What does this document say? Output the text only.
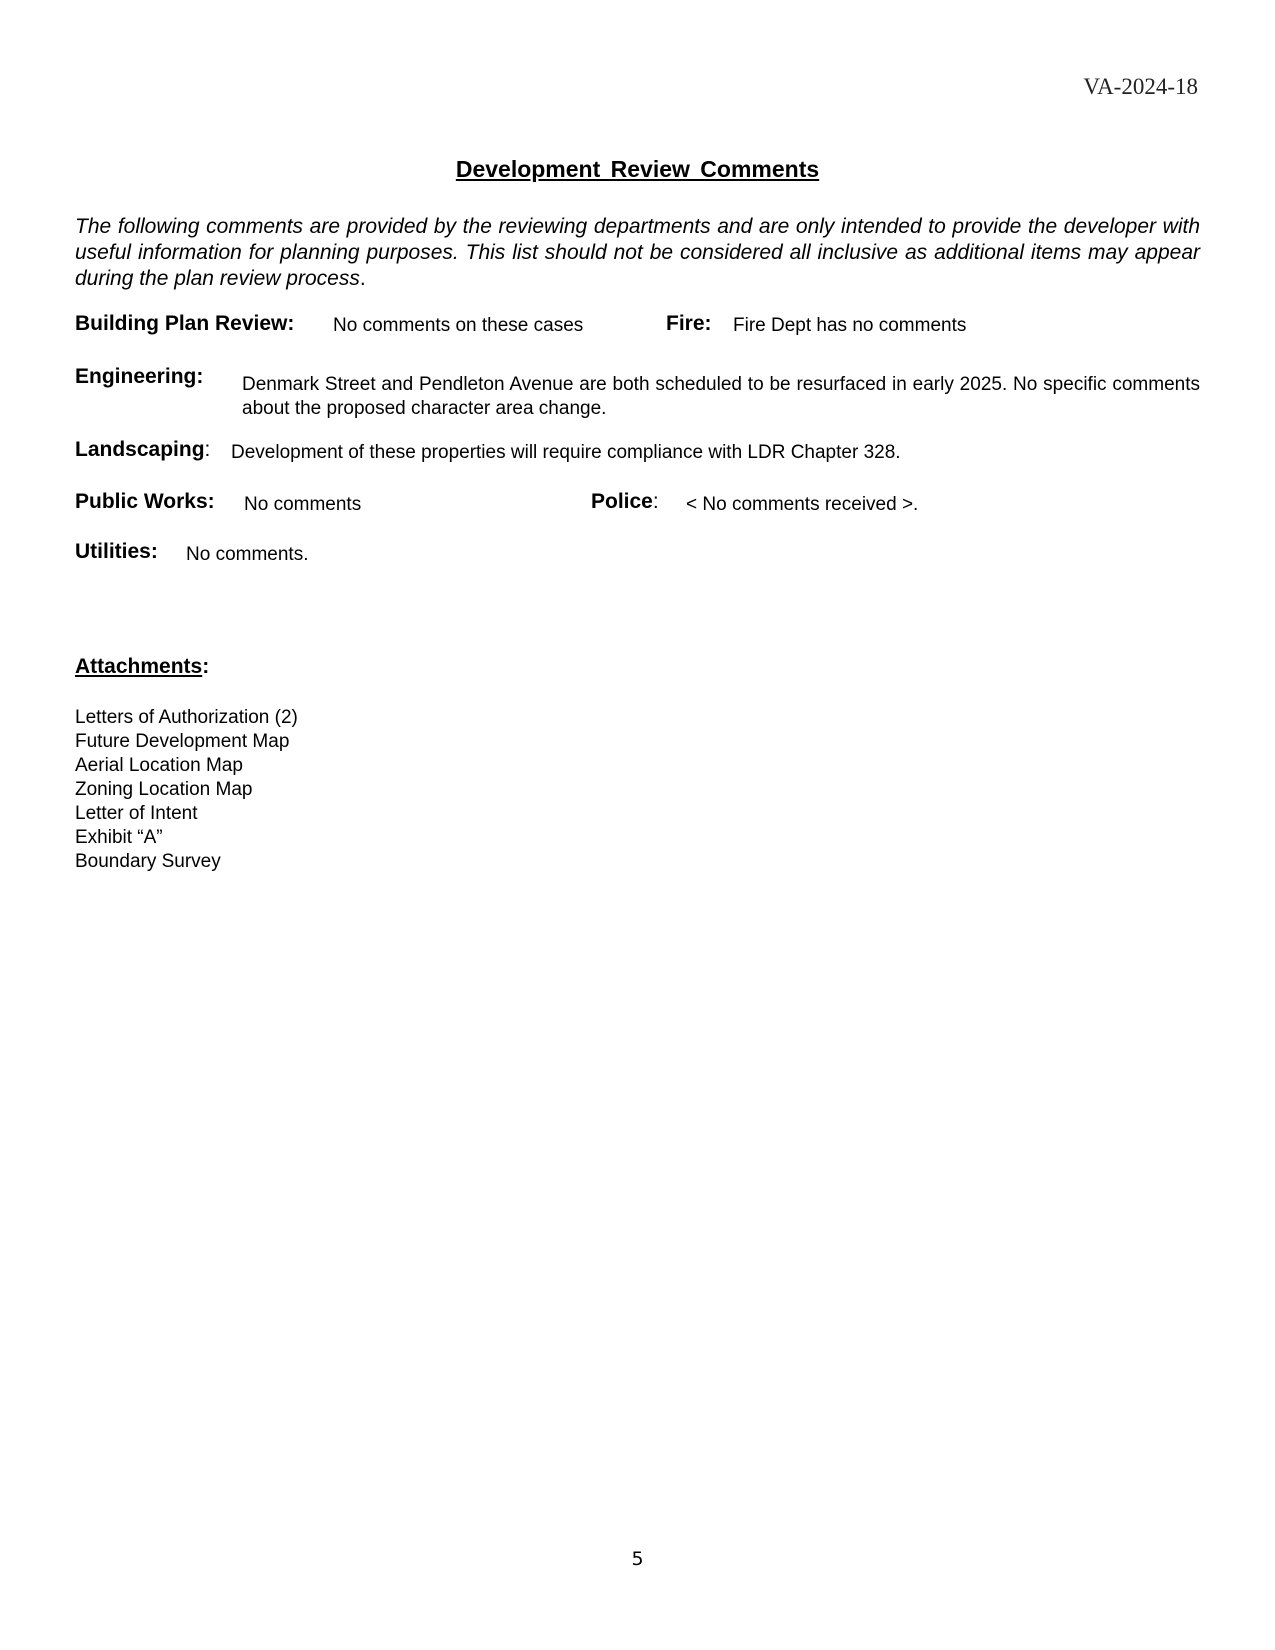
VA-2024-18
Development Review Comments
The following comments are provided by the reviewing departments and are only intended to provide the developer with useful information for planning purposes. This list should not be considered all inclusive as additional items may appear during the plan review process.
Building Plan Review: No comments on these cases	Fire: Fire Dept has no comments
Engineering: Denmark Street and Pendleton Avenue are both scheduled to be resurfaced in early 2025. No specific comments about the proposed character area change.
Landscaping: Development of these properties will require compliance with LDR Chapter 328.
Public Works: No comments	Police: < No comments received >.
Utilities: No comments.
Attachments:
Letters of Authorization (2)
Future Development Map
Aerial Location Map
Zoning Location Map
Letter of Intent
Exhibit “A”
Boundary Survey
5
